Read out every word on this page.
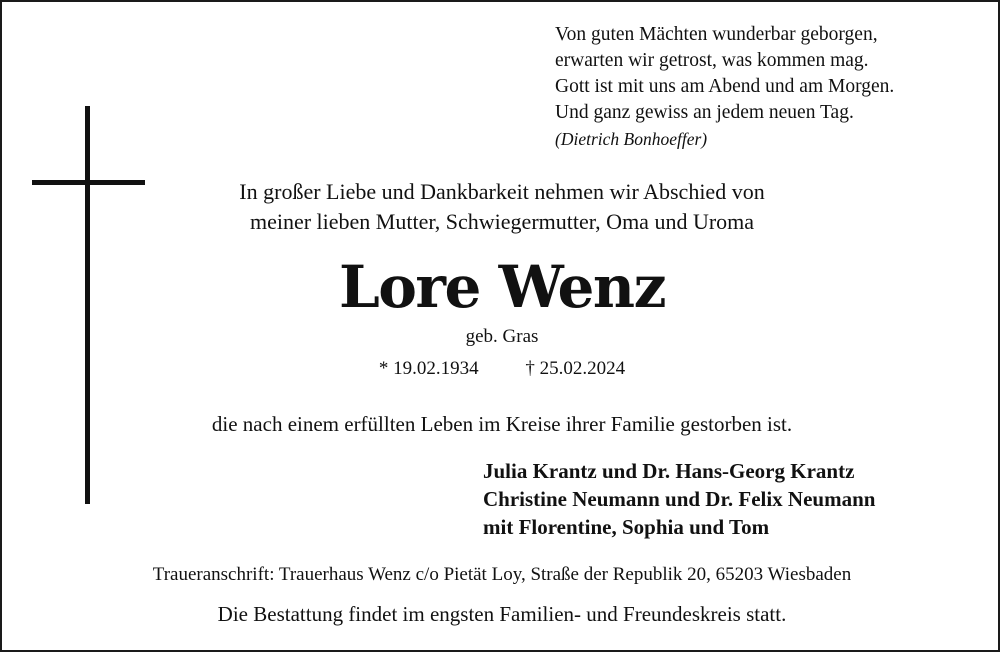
Von guten Mächten wunderbar geborgen,
erwarten wir getrost, was kommen mag.
Gott ist mit uns am Abend und am Morgen.
Und ganz gewiss an jedem neuen Tag.
(Dietrich Bonhoeffer)
In großer Liebe und Dankbarkeit nehmen wir Abschied von
meiner lieben Mutter, Schwiegermutter, Oma und Uroma
Lore Wenz
geb. Gras
* 19.02.1934 † 25.02.2024
die nach einem erfüllten Leben im Kreise ihrer Familie gestorben ist.
Julia Krantz und Dr. Hans-Georg Krantz
Christine Neumann und Dr. Felix Neumann
mit Florentine, Sophia und Tom
Traueranschrift: Trauerhaus Wenz c/o Pietät Loy, Straße der Republik 20, 65203 Wiesbaden
Die Bestattung findet im engsten Familien- und Freundeskreis statt.
